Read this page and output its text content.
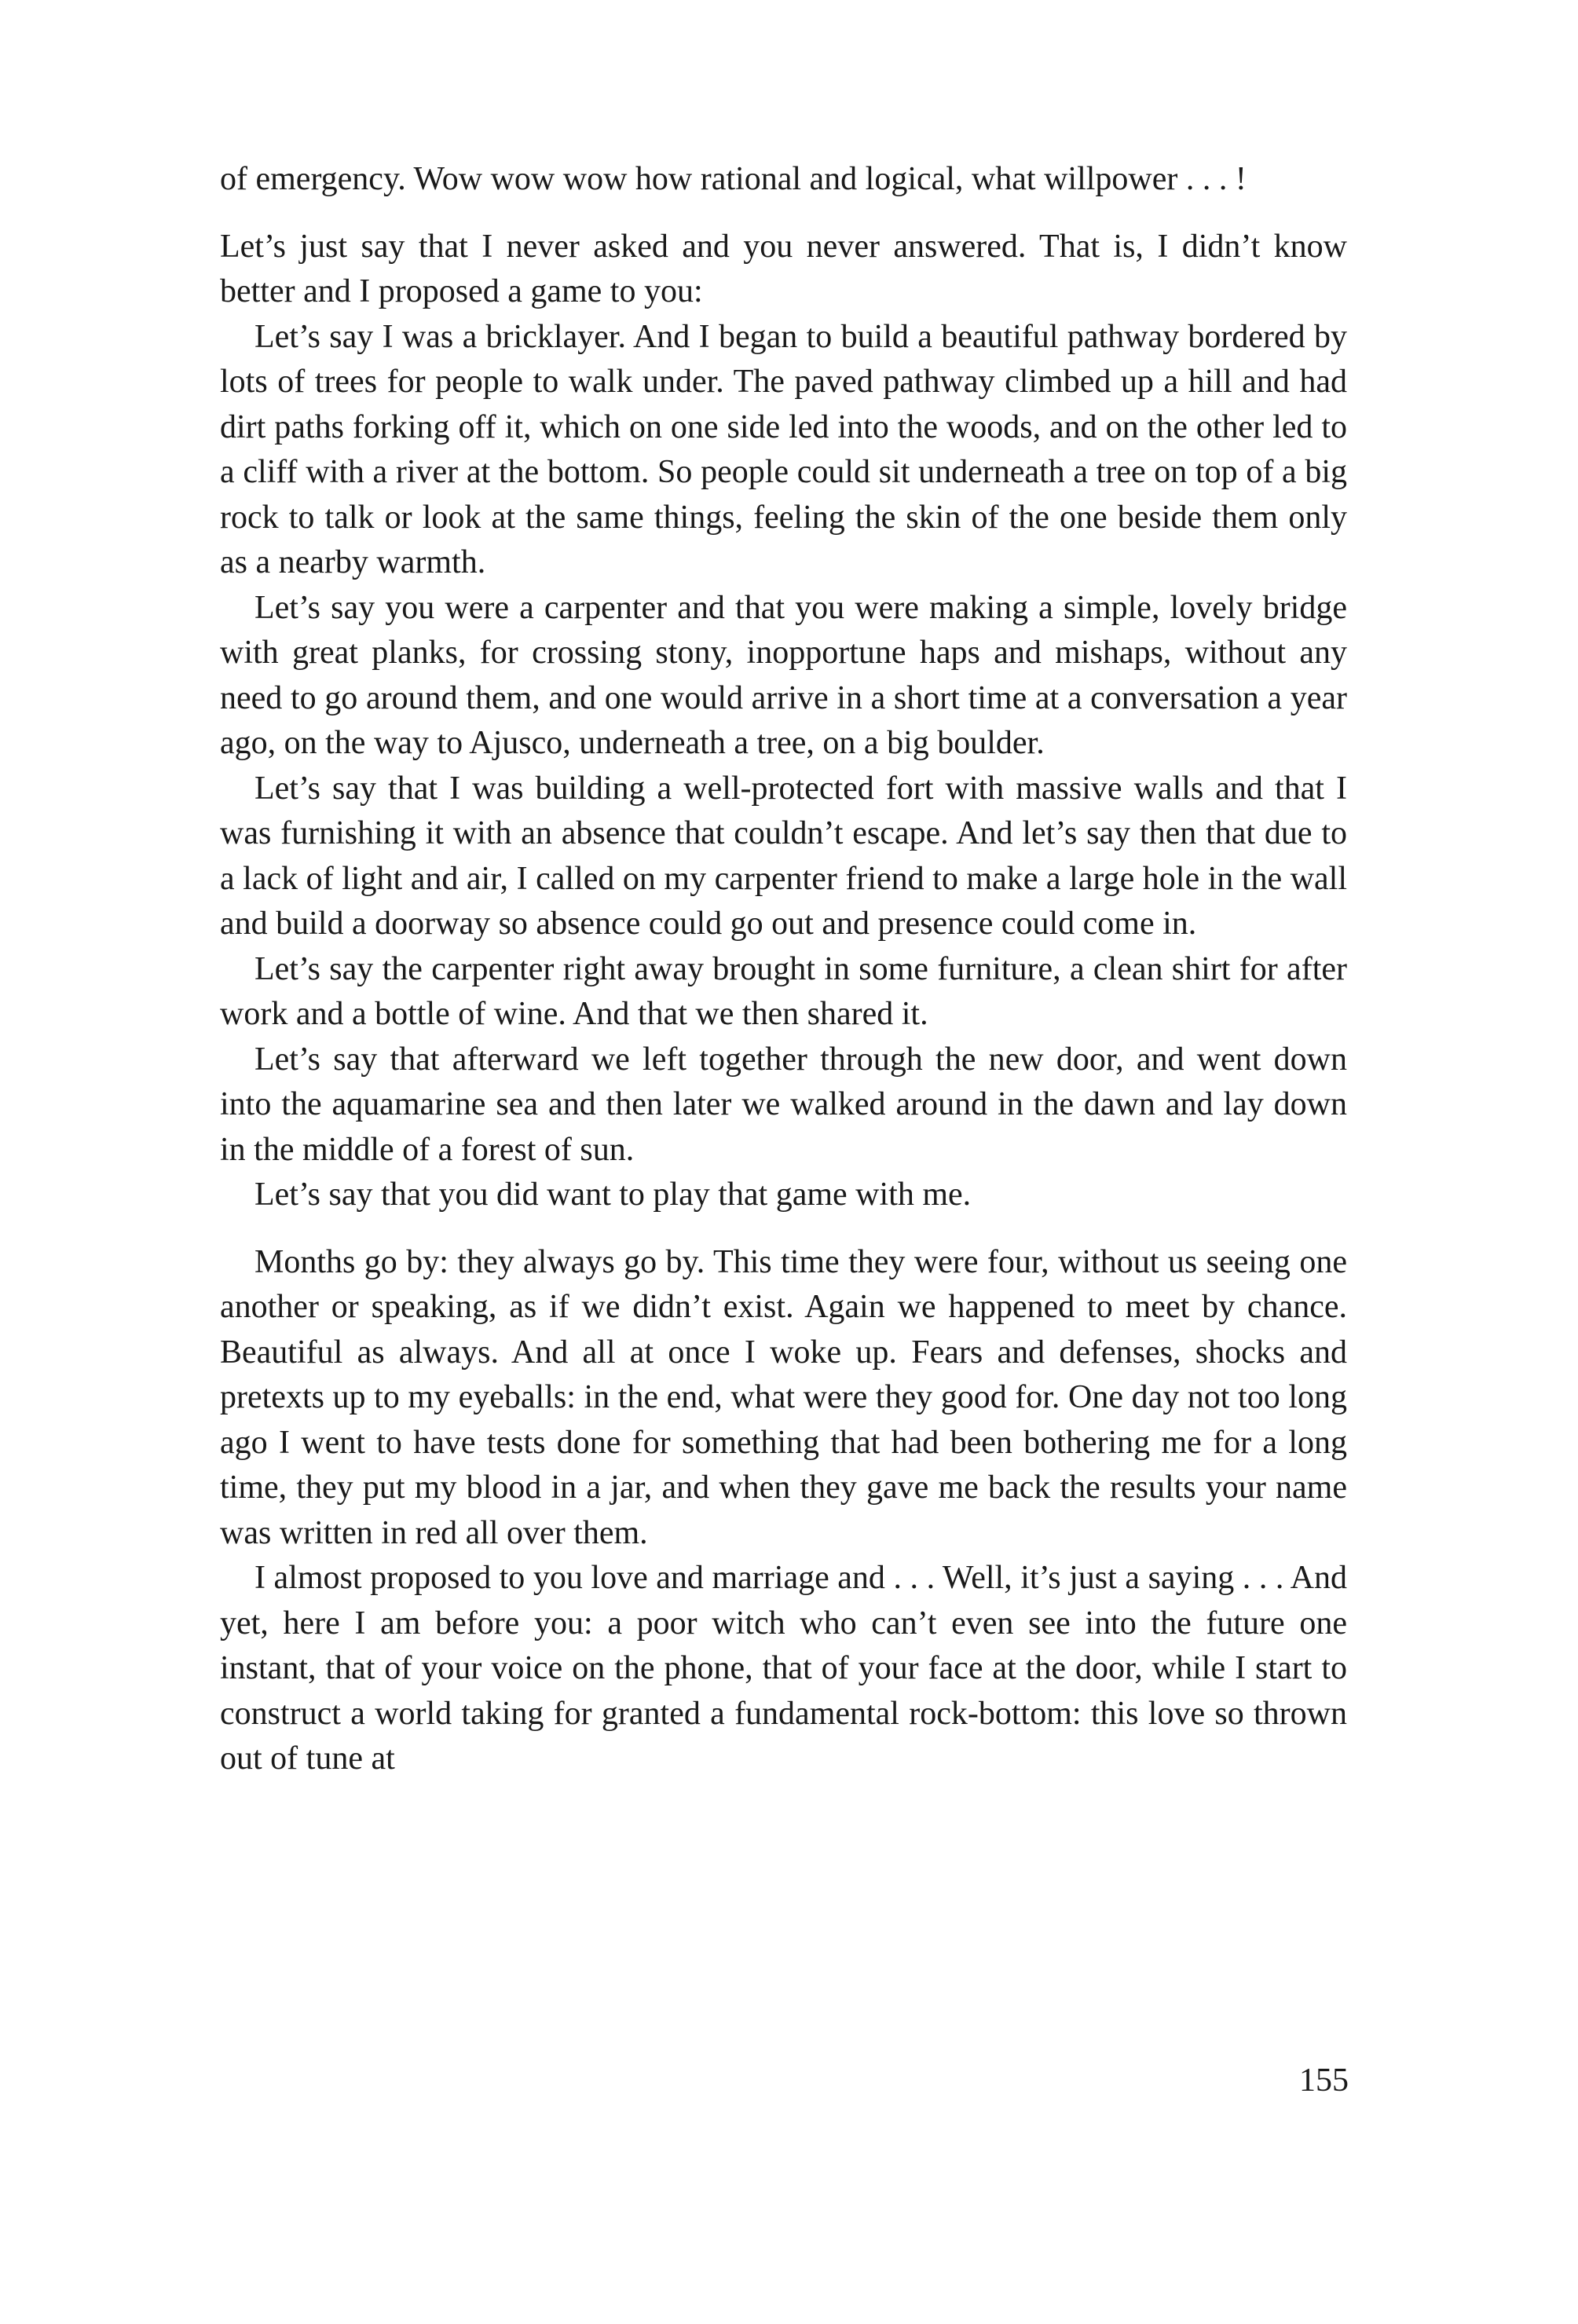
of emergency. Wow wow wow how rational and logical, what willpower . . . !

Let’s just say that I never asked and you never answered. That is, I didn’t know better and I proposed a game to you:

Let’s say I was a bricklayer. And I began to build a beautiful pathway bordered by lots of trees for people to walk under. The paved pathway climbed up a hill and had dirt paths forking off it, which on one side led into the woods, and on the other led to a cliff with a river at the bottom. So people could sit underneath a tree on top of a big rock to talk or look at the same things, feeling the skin of the one beside them only as a nearby warmth.

Let’s say you were a carpenter and that you were making a simple, lovely bridge with great planks, for crossing stony, inopportune haps and mishaps, without any need to go around them, and one would arrive in a short time at a conversation a year ago, on the way to Ajusco, underneath a tree, on a big boulder.

Let’s say that I was building a well-protected fort with massive walls and that I was furnishing it with an absence that couldn’t escape. And let’s say then that due to a lack of light and air, I called on my carpenter friend to make a large hole in the wall and build a doorway so absence could go out and presence could come in.

Let’s say the carpenter right away brought in some furniture, a clean shirt for after work and a bottle of wine. And that we then shared it.

Let’s say that afterward we left together through the new door, and went down into the aquamarine sea and then later we walked around in the dawn and lay down in the middle of a forest of sun.

Let’s say that you did want to play that game with me.

Months go by: they always go by. This time they were four, without us seeing one another or speaking, as if we didn’t exist. Again we happened to meet by chance. Beautiful as always. And all at once I woke up. Fears and defenses, shocks and pretexts up to my eyeballs: in the end, what were they good for. One day not too long ago I went to have tests done for something that had been bothering me for a long time, they put my blood in a jar, and when they gave me back the results your name was written in red all over them.

I almost proposed to you love and marriage and . . . Well, it’s just a saying . . . And yet, here I am before you: a poor witch who can’t even see into the future one instant, that of your voice on the phone, that of your face at the door, while I start to construct a world taking for granted a fundamental rock-bottom: this love so thrown out of tune at

155
